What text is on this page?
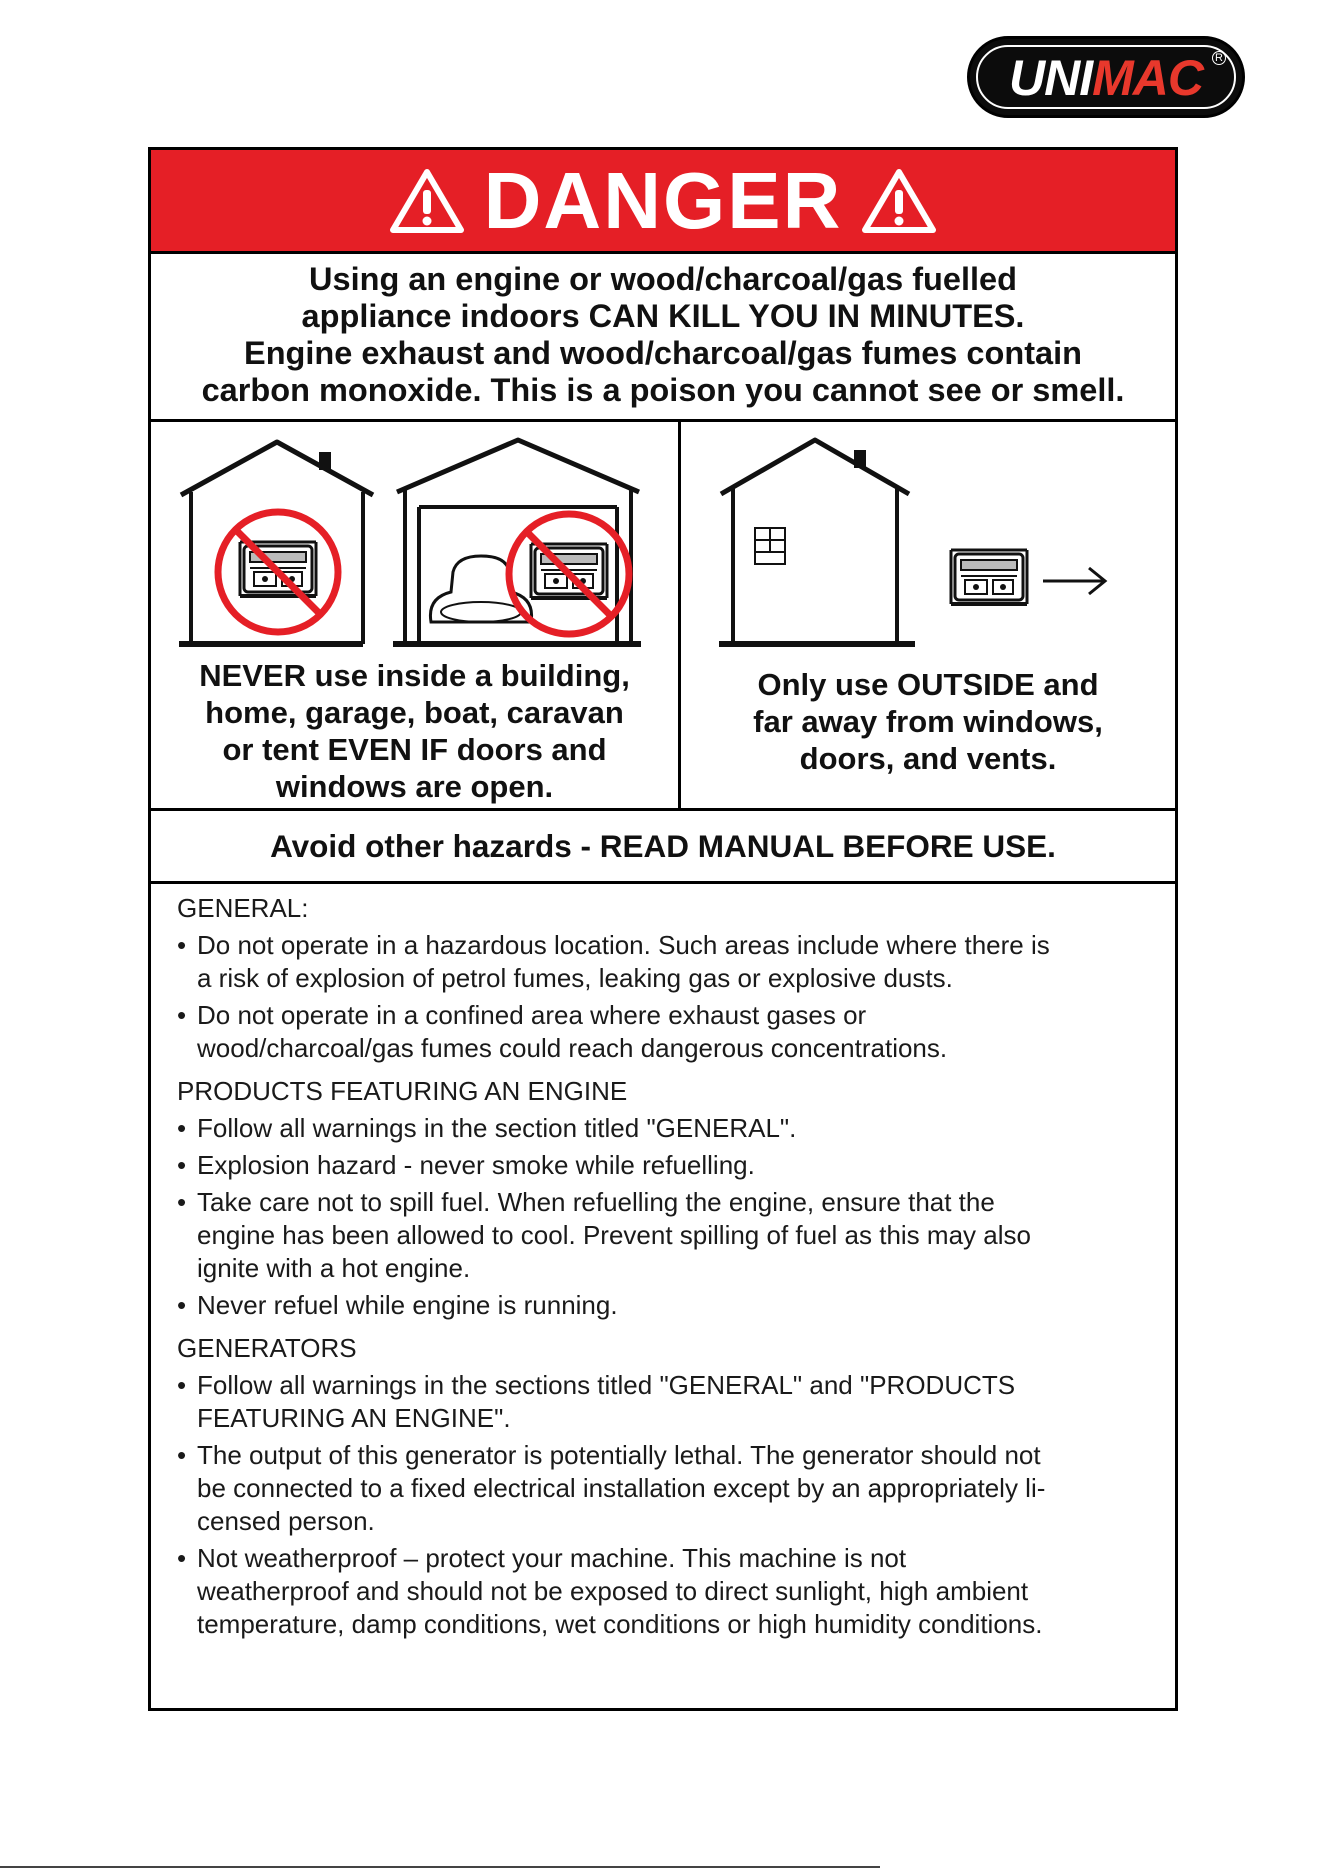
UNIMAC	R
DANGER
Using an engine or wood/charcoal/gas fuelled
appliance indoors CAN KILL YOU IN MINUTES.
Engine exhaust and wood/charcoal/gas fumes contain
carbon monoxide. This is a poison you cannot see or smell.
NEVER use inside a building,
home, garage, boat, caravan
or tent EVEN IF doors and
windows are open.
Only use OUTSIDE and
far away from windows,
doors, and vents.
Avoid other hazards - READ MANUAL BEFORE USE.
GENERAL:
• Do not operate in a hazardous location. Such areas include where there is
a risk of explosion of petrol fumes, leaking gas or explosive dusts.
• Do not operate in a confined area where exhaust gases or
wood/charcoal/gas fumes could reach dangerous concentrations.
PRODUCTS FEATURING AN ENGINE
• Follow all warnings in the section titled "GENERAL".
• Explosion hazard - never smoke while refuelling.
• Take care not to spill fuel. When refuelling the engine, ensure that the
engine has been allowed to cool. Prevent spilling of fuel as this may also
ignite with a hot engine.
• Never refuel while engine is running.
GENERATORS
• Follow all warnings in the sections titled "GENERAL" and "PRODUCTS
FEATURING AN ENGINE".
• The output of this generator is potentially lethal. The generator should not
be connected to a fixed electrical installation except by an appropriately li-
censed person.
• Not weatherproof – protect your machine. This machine is not
weatherproof and should not be exposed to direct sunlight, high ambient
temperature, damp conditions, wet conditions or high humidity conditions.
